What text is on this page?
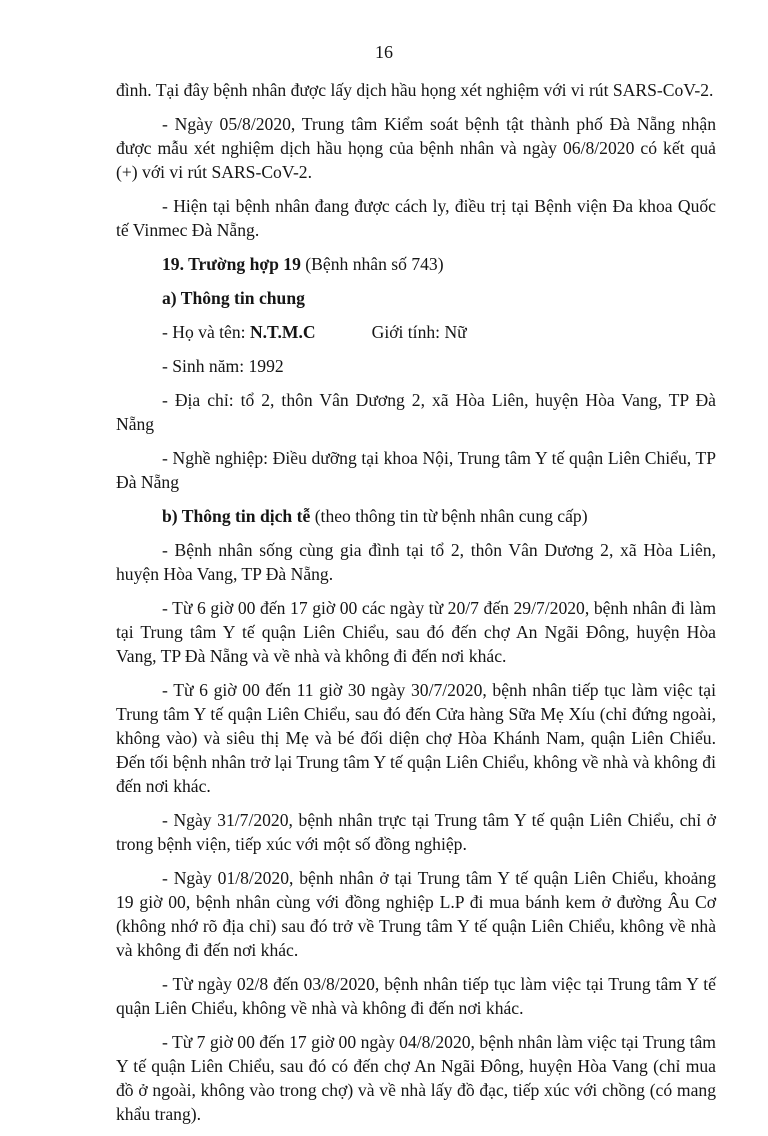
16

đình. Tại đây bệnh nhân được lấy dịch hầu họng xét nghiệm với vi rút SARS-CoV-2.

- Ngày 05/8/2020, Trung tâm Kiểm soát bệnh tật thành phố Đà Nẵng nhận được mẫu xét nghiệm dịch hầu họng của bệnh nhân và ngày 06/8/2020 có kết quả (+) với vi rút SARS-CoV-2.

- Hiện tại bệnh nhân đang được cách ly, điều trị tại Bệnh viện Đa khoa Quốc tế Vinmec Đà Nẵng.

19. Trường hợp 19 (Bệnh nhân số 743)

a) Thông tin chung

- Họ và tên: N.T.M.C	Giới tính: Nữ

- Sinh năm: 1992

- Địa chỉ: tổ 2, thôn Vân Dương 2, xã Hòa Liên, huyện Hòa Vang, TP Đà Nẵng

- Nghề nghiệp: Điều dưỡng tại khoa Nội, Trung tâm Y tế quận Liên Chiểu, TP Đà Nẵng

b) Thông tin dịch tễ (theo thông tin từ bệnh nhân cung cấp)

- Bệnh nhân sống cùng gia đình tại tổ 2, thôn Vân Dương 2, xã Hòa Liên, huyện Hòa Vang, TP Đà Nẵng.

- Từ 6 giờ 00 đến 17 giờ 00 các ngày từ 20/7 đến 29/7/2020, bệnh nhân đi làm tại Trung tâm Y tế quận Liên Chiểu, sau đó đến chợ An Ngãi Đông, huyện Hòa Vang, TP Đà Nẵng và về nhà và không đi đến nơi khác.

- Từ 6 giờ 00 đến 11 giờ 30 ngày 30/7/2020, bệnh nhân tiếp tục làm việc tại Trung tâm Y tế quận Liên Chiểu, sau đó đến Cửa hàng Sữa Mẹ Xíu (chỉ đứng ngoài, không vào) và siêu thị Mẹ và bé đối diện chợ Hòa Khánh Nam, quận Liên Chiểu. Đến tối bệnh nhân trở lại Trung tâm Y tế quận Liên Chiểu, không về nhà và không đi đến nơi khác.

- Ngày 31/7/2020, bệnh nhân trực tại Trung tâm Y tế quận Liên Chiểu, chỉ ở trong bệnh viện, tiếp xúc với một số đồng nghiệp.

- Ngày 01/8/2020, bệnh nhân ở tại Trung tâm Y tế quận Liên Chiểu, khoảng 19 giờ 00, bệnh nhân cùng với đồng nghiệp L.P đi mua bánh kem ở đường Âu Cơ (không nhớ rõ địa chỉ) sau đó trở về Trung tâm Y tế quận Liên Chiểu, không về nhà và không đi đến nơi khác.

- Từ ngày 02/8 đến 03/8/2020, bệnh nhân tiếp tục làm việc tại Trung tâm Y tế quận Liên Chiểu, không về nhà và không đi đến nơi khác.

- Từ 7 giờ 00 đến 17 giờ 00 ngày 04/8/2020, bệnh nhân làm việc tại Trung tâm Y tế quận Liên Chiểu, sau đó có đến chợ An Ngãi Đông, huyện Hòa Vang (chỉ mua đồ ở ngoài, không vào trong chợ) và về nhà lấy đồ đạc, tiếp xúc với chồng (có mang khẩu trang).
